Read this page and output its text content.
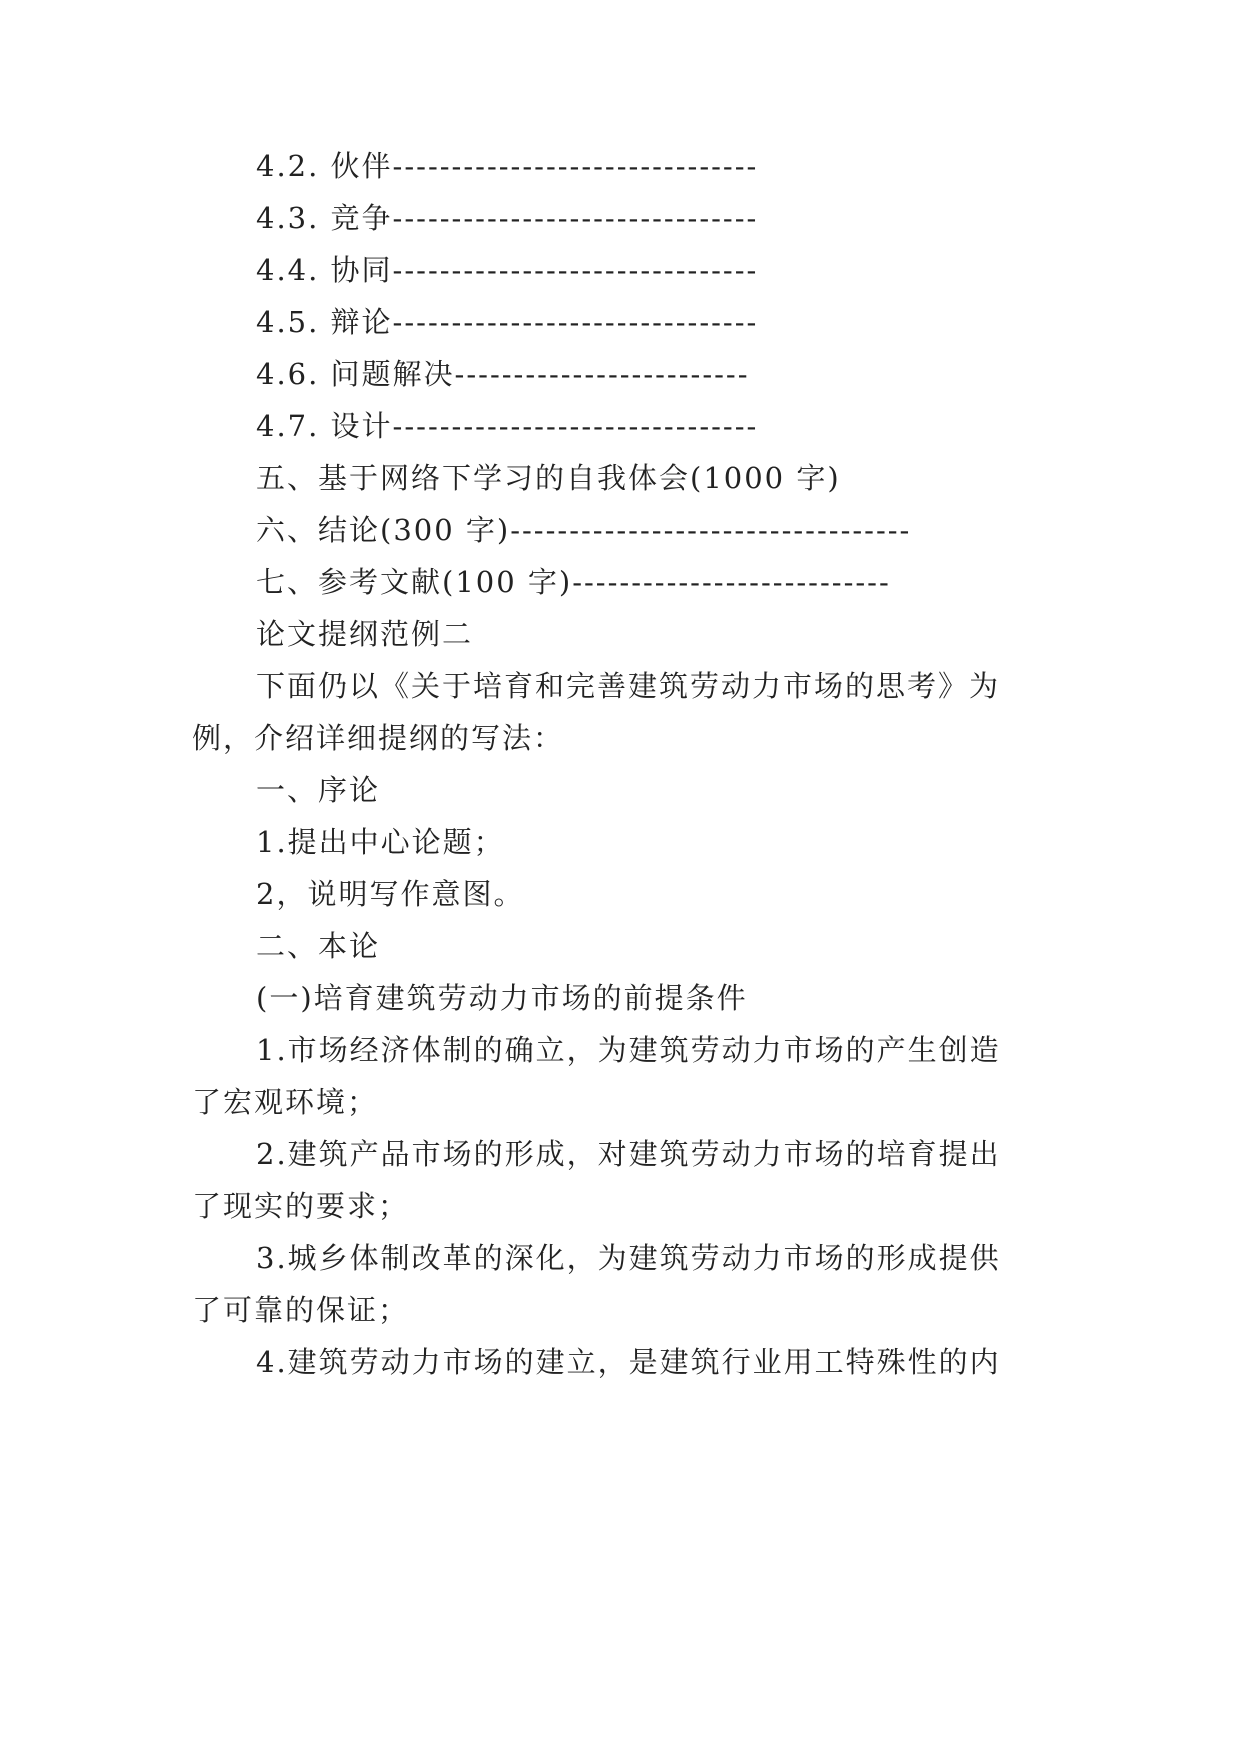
4.2. 伙伴-------------------------------
4.3. 竞争-------------------------------
4.4. 协同-------------------------------
4.5. 辩论-------------------------------
4.6. 问题解决-------------------------
4.7. 设计-------------------------------
五、基于网络下学习的自我体会(1000 字)
六、结论(300 字)----------------------------------
七、参考文献(100 字)---------------------------
论文提纲范例二
下面仍以《关于培育和完善建筑劳动力市场的思考》为
例，介绍详细提纲的写法：
一、序论
1.提出中心论题；
2，说明写作意图。
二、本论
(一)培育建筑劳动力市场的前提条件
1.市场经济体制的确立，为建筑劳动力市场的产生创造
了宏观环境；
2.建筑产品市场的形成，对建筑劳动力市场的培育提出
了现实的要求；
3.城乡体制改革的深化，为建筑劳动力市场的形成提供
了可靠的保证；
4.建筑劳动力市场的建立，是建筑行业用工特殊性的内
